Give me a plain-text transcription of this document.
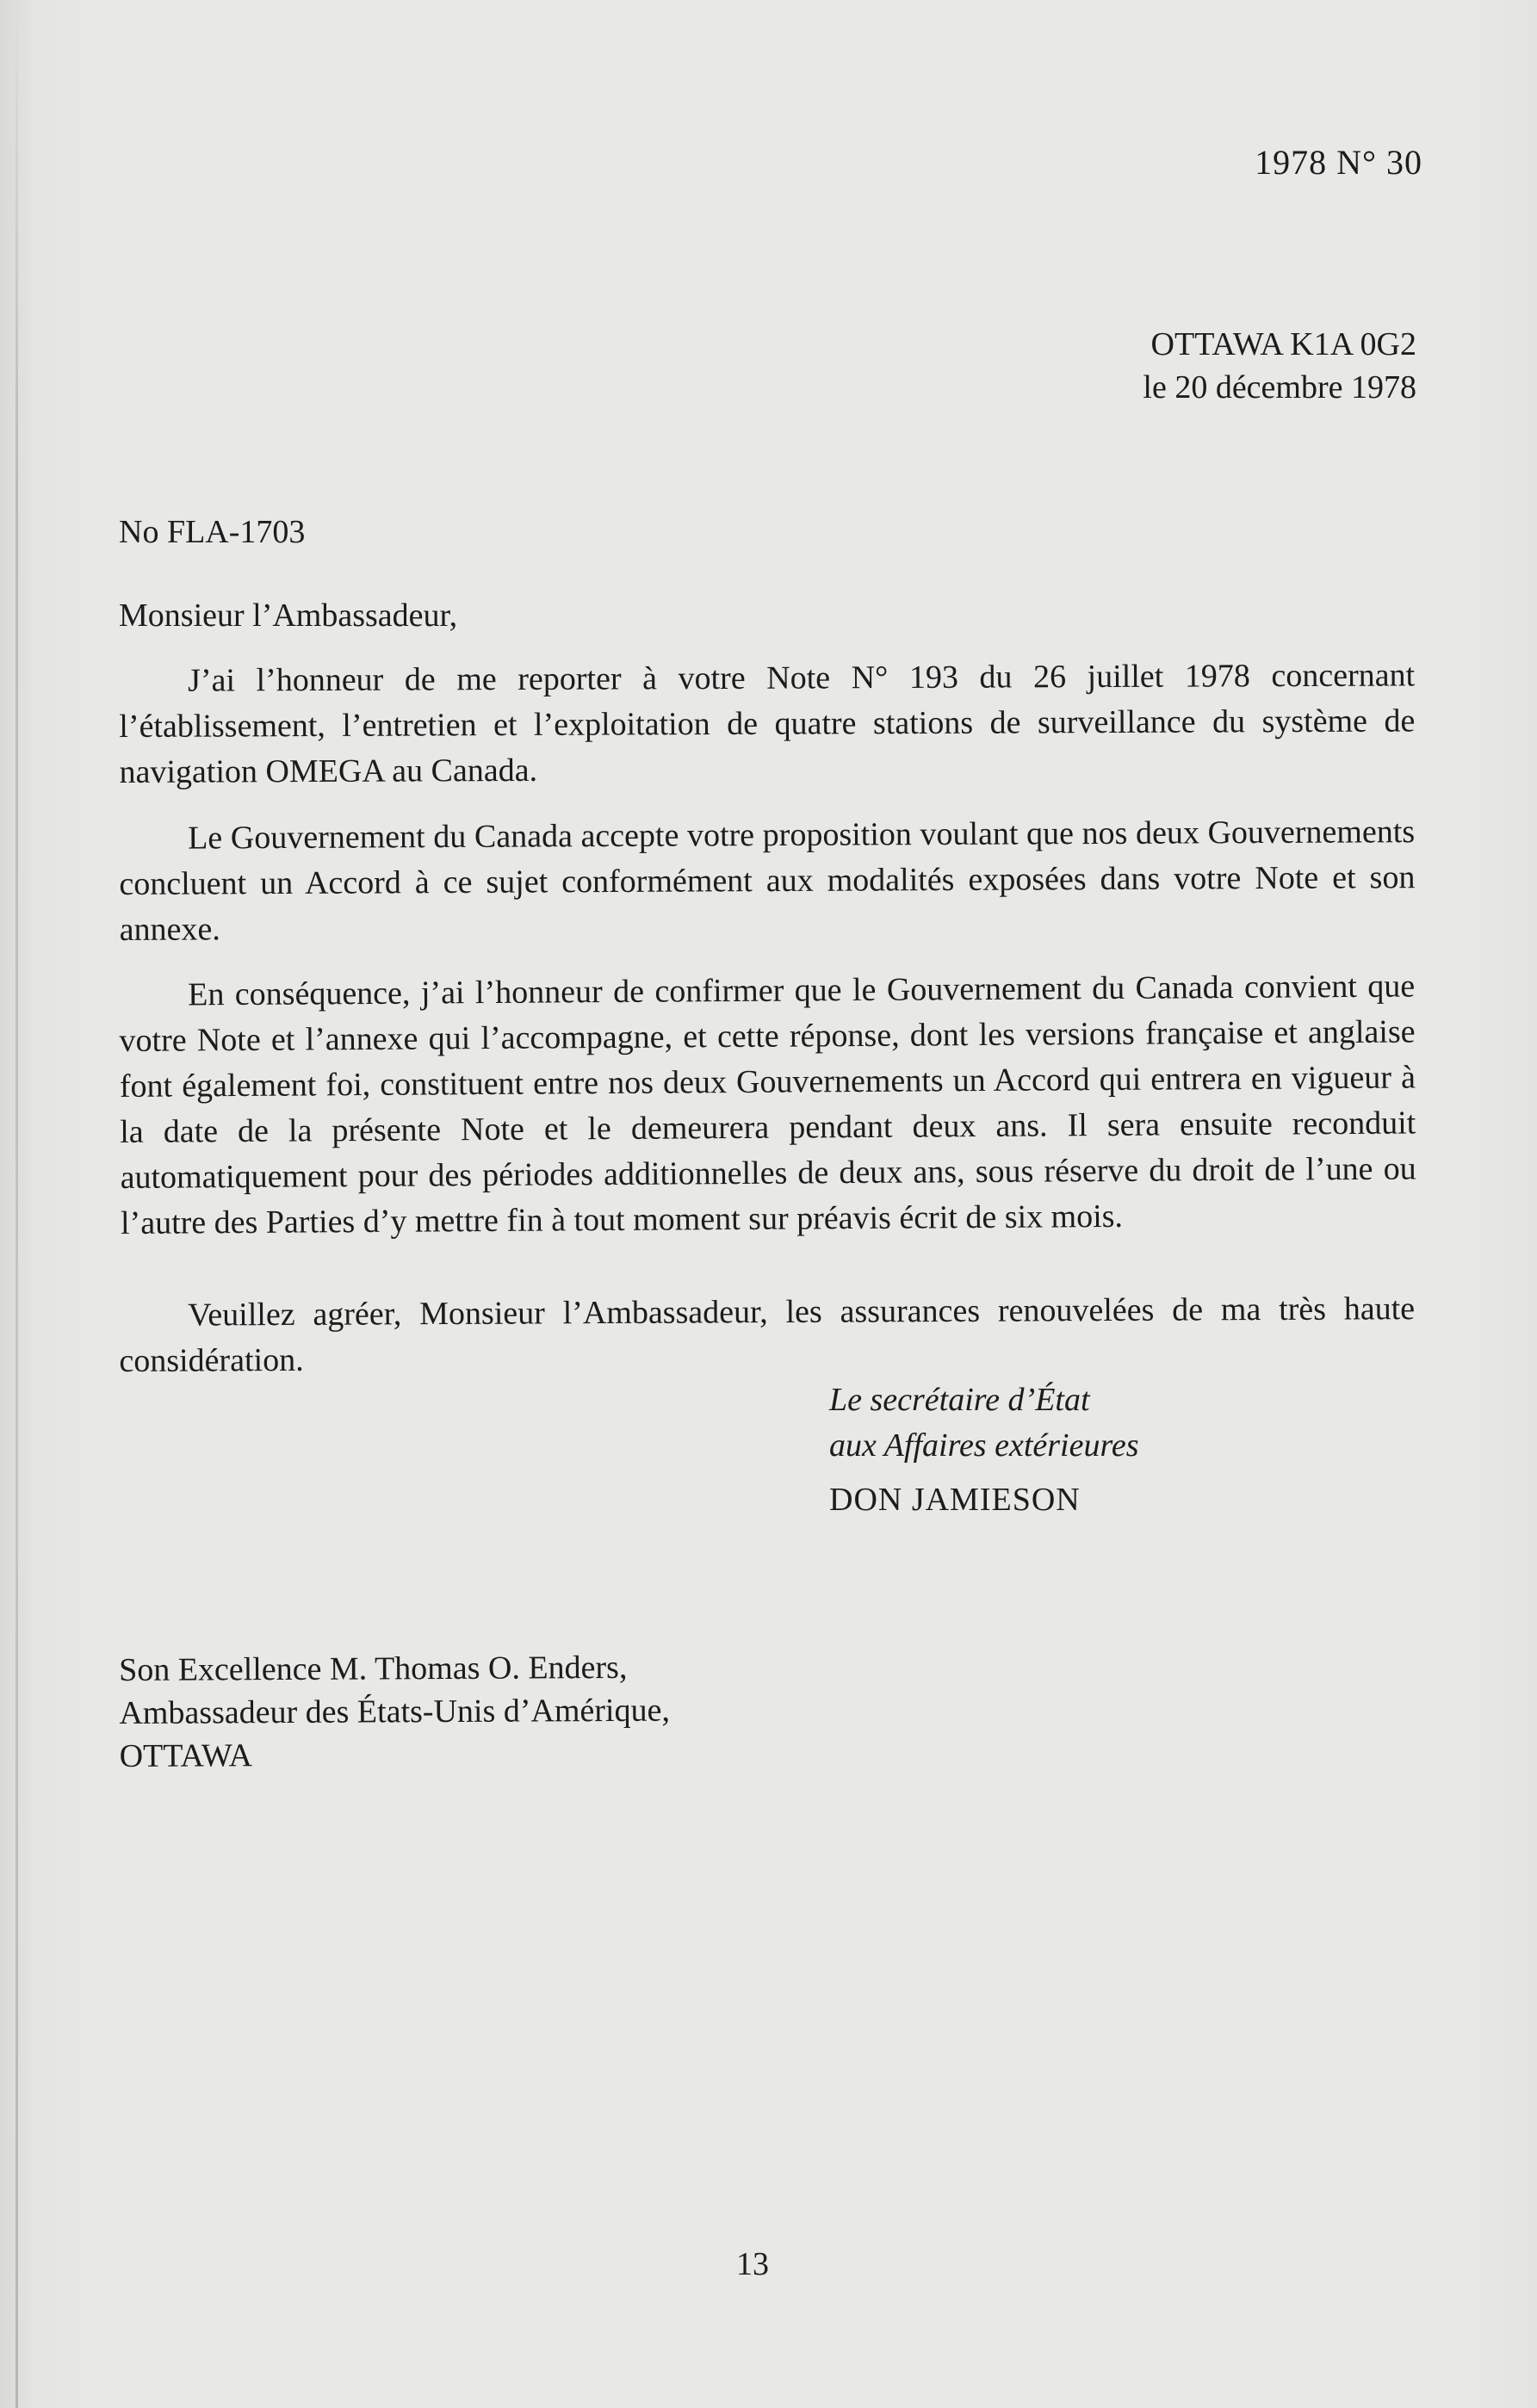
1978 N° 30

OTTAWA K1A 0G2
le 20 décembre 1978

No FLA-1703

Monsieur l’Ambassadeur,

J’ai l’honneur de me reporter à votre Note N° 193 du 26 juillet 1978 concernant l’établissement, l’entretien et l’exploitation de quatre stations de surveillance du système de navigation OMEGA au Canada.

Le Gouvernement du Canada accepte votre proposition voulant que nos deux Gouvernements concluent un Accord à ce sujet conformément aux modalités exposées dans votre Note et son annexe.

En conséquence, j’ai l’honneur de confirmer que le Gouvernement du Canada convient que votre Note et l’annexe qui l’accompagne, et cette réponse, dont les versions française et anglaise font également foi, constituent entre nos deux Gouvernements un Accord qui entrera en vigueur à la date de la présente Note et le demeurera pendant deux ans. Il sera ensuite reconduit automatiquement pour des périodes additionnelles de deux ans, sous réserve du droit de l’une ou l’autre des Parties d’y mettre fin à tout moment sur préavis écrit de six mois.

Veuillez agréer, Monsieur l’Ambassadeur, les assurances renouvelées de ma très haute considération.

Le secrétaire d’État
aux Affaires extérieures
DON JAMIESON
Son Excellence M. Thomas O. Enders,
Ambassadeur des États-Unis d’Amérique,
OTTAWA

13
